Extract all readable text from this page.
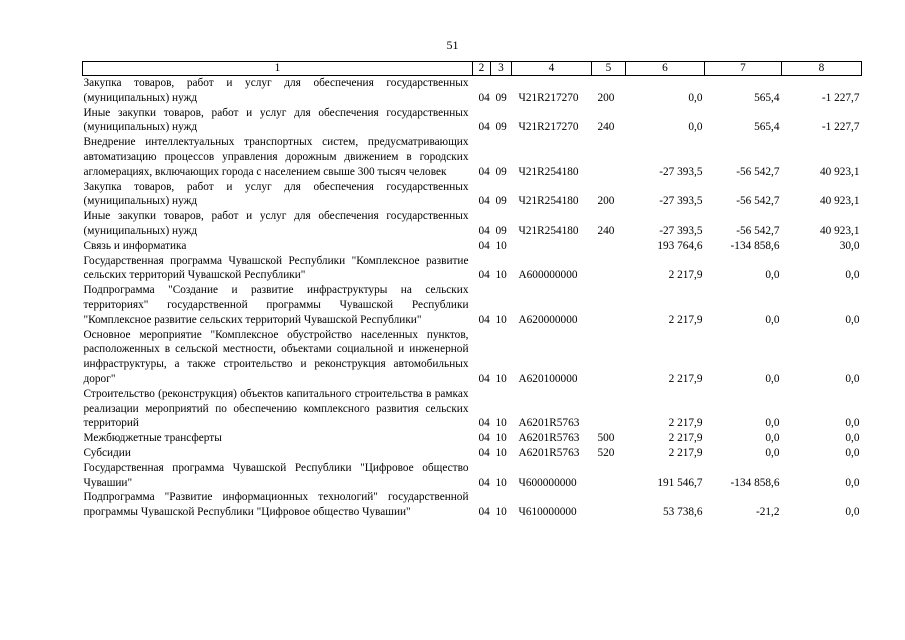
51
1	2	3	4	5	6	7	8
Закупка товаров, работ и услуг для обеспечения государственных (муниципальных) нужд	04	09	Ч21R217270	200	0,0	565,4	-1 227,7
Иные закупки товаров, работ и услуг для обеспечения государственных (муниципальных) нужд	04	09	Ч21R217270	240	0,0	565,4	-1 227,7
Внедрение интеллектуальных транспортных систем, предусматривающих автоматизацию процессов управления дорожным движением в городских агломерациях, включающих города с населением свыше 300 тысяч человек	04	09	Ч21R254180		-27 393,5	-56 542,7	40 923,1
Закупка товаров, работ и услуг для обеспечения государственных (муниципальных) нужд	04	09	Ч21R254180	200	-27 393,5	-56 542,7	40 923,1
Иные закупки товаров, работ и услуг для обеспечения государственных (муниципальных) нужд	04	09	Ч21R254180	240	-27 393,5	-56 542,7	40 923,1
Связь и информатика	04	10			193 764,6	-134 858,6	30,0
Государственная программа Чувашской Республики "Комплексное развитие сельских территорий Чувашской Республики"	04	10	А600000000		2 217,9	0,0	0,0
Подпрограмма "Создание и развитие инфраструктуры на сельских территориях" государственной программы Чувашской Республики "Комплексное развитие сельских территорий Чувашской Республики"	04	10	А620000000		2 217,9	0,0	0,0
Основное мероприятие "Комплексное обустройство населенных пунктов, расположенных в сельской местности, объектами социальной и инженерной инфраструктуры, а также строительство и реконструкция автомобильных дорог"	04	10	А620100000		2 217,9	0,0	0,0
Строительство (реконструкция) объектов капитального строительства в рамках реализации мероприятий по обеспечению комплексного развития сельских территорий	04	10	А6201R5763		2 217,9	0,0	0,0
Межбюджетные трансферты	04	10	А6201R5763	500	2 217,9	0,0	0,0
Субсидии	04	10	А6201R5763	520	2 217,9	0,0	0,0
Государственная программа Чувашской Республики "Цифровое общество Чувашии"	04	10	Ч600000000		191 546,7	-134 858,6	0,0
Подпрограмма "Развитие информационных технологий" государственной программы Чувашской Республики "Цифровое общество Чувашии"	04	10	Ч610000000		53 738,6	-21,2	0,0
